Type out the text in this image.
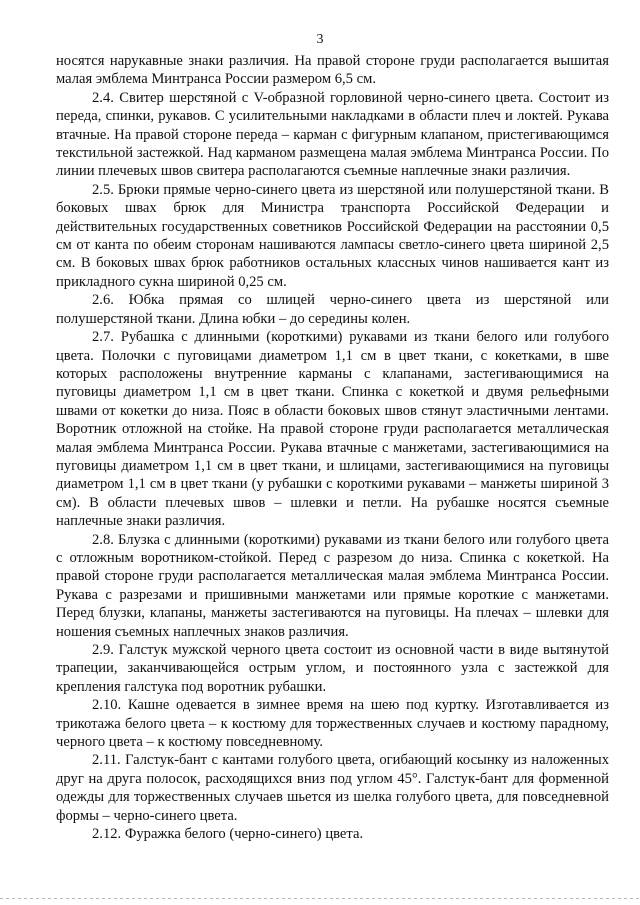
3

носятся нарукавные знаки различия. На правой стороне груди располагается вышитая малая эмблема Минтранса России размером 6,5 см.

2.4. Свитер шерстяной с V-образной горловиной черно-синего цвета. Состоит из переда, спинки, рукавов. С усилительными накладками в области плеч и локтей. Рукава втачные. На правой стороне переда – карман с фигурным клапаном, пристегивающимся текстильной застежкой. Над карманом размещена малая эмблема Минтранса России. По линии плечевых швов свитера располагаются съемные наплечные знаки различия.

2.5. Брюки прямые черно-синего цвета из шерстяной или полушерстяной ткани. В боковых швах брюк для Министра транспорта Российской Федерации и действительных государственных советников Российской Федерации на расстоянии 0,5 см от канта по обеим сторонам нашиваются лампасы светло-синего цвета шириной 2,5 см. В боковых швах брюк работников остальных классных чинов нашивается кант из прикладного сукна шириной 0,25 см.

2.6. Юбка прямая со шлицей черно-синего цвета из шерстяной или полушерстяной ткани. Длина юбки – до середины колен.

2.7. Рубашка с длинными (короткими) рукавами из ткани белого или голубого цвета. Полочки с пуговицами диаметром 1,1 см в цвет ткани, с кокетками, в шве которых расположены внутренние карманы с клапанами, застегивающимися на пуговицы диаметром 1,1 см в цвет ткани. Спинка с кокеткой и двумя рельефными швами от кокетки до низа. Пояс в области боковых швов стянут эластичными лентами. Воротник отложной на стойке. На правой стороне груди располагается металлическая малая эмблема Минтранса России. Рукава втачные с манжетами, застегивающимися на пуговицы диаметром 1,1 см в цвет ткани, и шлицами, застегивающимися на пуговицы диаметром 1,1 см в цвет ткани (у рубашки с короткими рукавами – манжеты шириной 3 см). В области плечевых швов – шлевки и петли. На рубашке носятся съемные наплечные знаки различия.

2.8. Блузка с длинными (короткими) рукавами из ткани белого или голубого цвета с отложным воротником-стойкой. Перед с разрезом до низа. Спинка с кокеткой. На правой стороне груди располагается металлическая малая эмблема Минтранса России. Рукава с разрезами и пришивными манжетами или прямые короткие с манжетами. Перед блузки, клапаны, манжеты застегиваются на пуговицы. На плечах – шлевки для ношения съемных наплечных знаков различия.

2.9. Галстук мужской черного цвета состоит из основной части в виде вытянутой трапеции, заканчивающейся острым углом, и постоянного узла с застежкой для крепления галстука под воротник рубашки.

2.10. Кашне одевается в зимнее время на шею под куртку. Изготавливается из трикотажа белого цвета – к костюму для торжественных случаев и костюму парадному, черного цвета – к костюму повседневному.

2.11. Галстук-бант с кантами голубого цвета, огибающий косынку из наложенных друг на друга полосок, расходящихся вниз под углом 45°. Галстук-бант для форменной одежды для торжественных случаев шьется из шелка голубого цвета, для повседневной формы – черно-синего цвета.

2.12. Фуражка белого (черно-синего) цвета.
